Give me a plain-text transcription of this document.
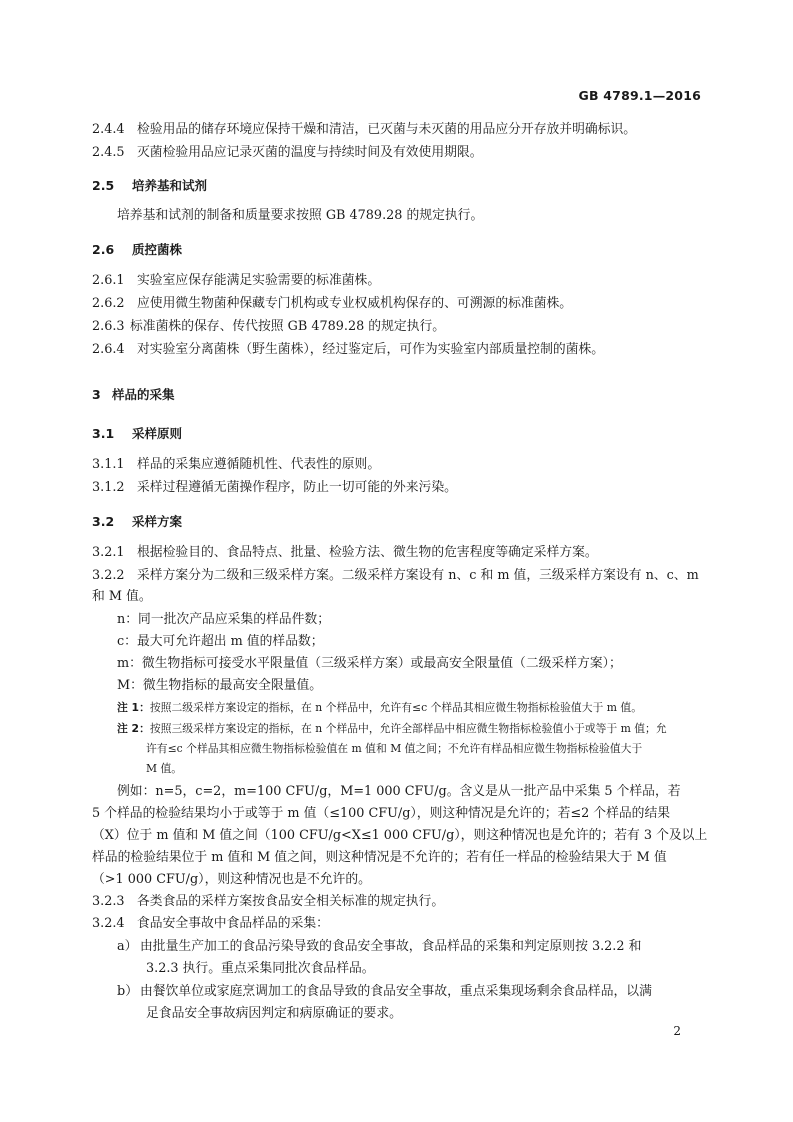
GB 4789.1—2016
2.4.4 检验用品的储存环境应保持干燥和清洁，已灭菌与未灭菌的用品应分开存放并明确标识。
2.4.5 灭菌检验用品应记录灭菌的温度与持续时间及有效使用期限。
2.5 培养基和试剂
培养基和试剂的制备和质量要求按照 GB 4789.28 的规定执行。
2.6 质控菌株
2.6.1 实验室应保存能满足实验需要的标准菌株。
2.6.2 应使用微生物菌种保藏专门机构或专业权威机构保存的、可溯源的标准菌株。
2.6.3 标准菌株的保存、传代按照 GB 4789.28 的规定执行。
2.6.4 对实验室分离菌株（野生菌株），经过鉴定后，可作为实验室内部质量控制的菌株。
3 样品的采集
3.1 采样原则
3.1.1 样品的采集应遵循随机性、代表性的原则。
3.1.2 采样过程遵循无菌操作程序，防止一切可能的外来污染。
3.2 采样方案
3.2.1 根据检验目的、食品特点、批量、检验方法、微生物的危害程度等确定采样方案。
3.2.2 采样方案分为二级和三级采样方案。二级采样方案设有 n、c 和 m 值，三级采样方案设有 n、c、m
和 M 值。
n：同一批次产品应采集的样品件数；
c：最大可允许超出 m 值的样品数；
m：微生物指标可接受水平限量值（三级采样方案）或最高安全限量值（二级采样方案）；
M：微生物指标的最高安全限量值。
注 1：按照二级采样方案设定的指标，在 n 个样品中，允许有≤c 个样品其相应微生物指标检验值大于 m 值。
注 2：按照三级采样方案设定的指标，在 n 个样品中，允许全部样品中相应微生物指标检验值小于或等于 m 值；允
许有≤c 个样品其相应微生物指标检验值在 m 值和 M 值之间；不允许有样品相应微生物指标检验值大于
M 值。
例如：n=5，c=2，m=100 CFU/g，M=1 000 CFU/g。含义是从一批产品中采集 5 个样品，若
5 个样品的检验结果均小于或等于 m 值（≤100 CFU/g），则这种情况是允许的；若≤2 个样品的结果
（X）位于 m 值和 M 值之间（100 CFU/g<X≤1 000 CFU/g），则这种情况也是允许的；若有 3 个及以上
样品的检验结果位于 m 值和 M 值之间，则这种情况是不允许的；若有任一样品的检验结果大于 M 值
（>1 000 CFU/g），则这种情况也是不允许的。
3.2.3 各类食品的采样方案按食品安全相关标准的规定执行。
3.2.4 食品安全事故中食品样品的采集：
a） 由批量生产加工的食品污染导致的食品安全事故，食品样品的采集和判定原则按 3.2.2 和
3.2.3 执行。重点采集同批次食品样品。
b） 由餐饮单位或家庭烹调加工的食品导致的食品安全事故，重点采集现场剩余食品样品，以满
足食品安全事故病因判定和病原确证的要求。
2
